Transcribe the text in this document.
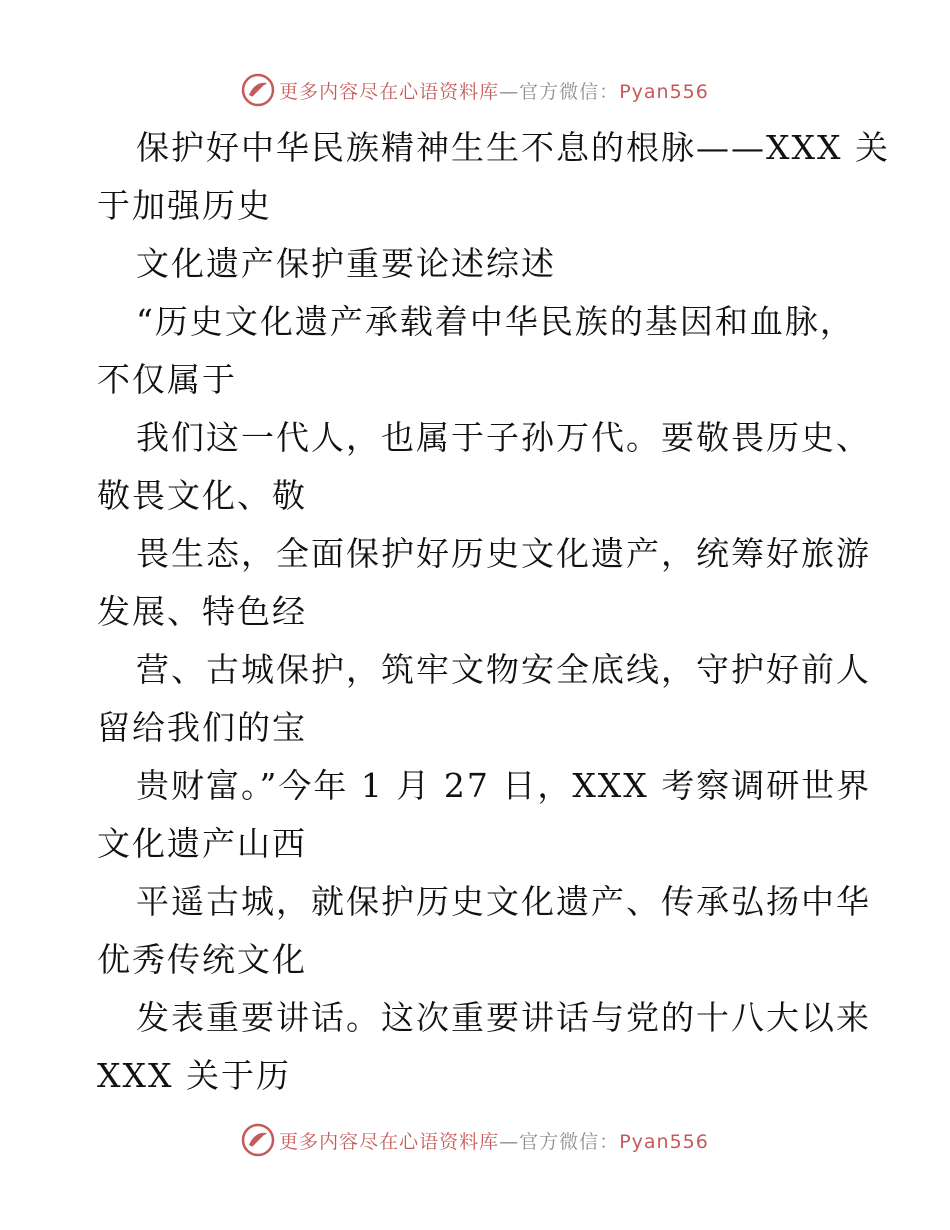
更多内容尽在心语资料库—官方微信：Pyan556
保护好中华民族精神生生不息的根脉——XXX 关
于加强历史
文化遗产保护重要论述综述
“历史文化遗产承载着中华民族的基因和血脉，
不仅属于
我们这一代人，也属于子孙万代。要敬畏历史、
敬畏文化、敬
畏生态，全面保护好历史文化遗产，统筹好旅游
发展、特色经
营、古城保护，筑牢文物安全底线，守护好前人
留给我们的宝
贵财富。”今年 1 月 27 日，XXX 考察调研世界
文化遗产山西
平遥古城，就保护历史文化遗产、传承弘扬中华
优秀传统文化
发表重要讲话。这次重要讲话与党的十八大以来
XXX 关于历
更多内容尽在心语资料库—官方微信：Pyan556
